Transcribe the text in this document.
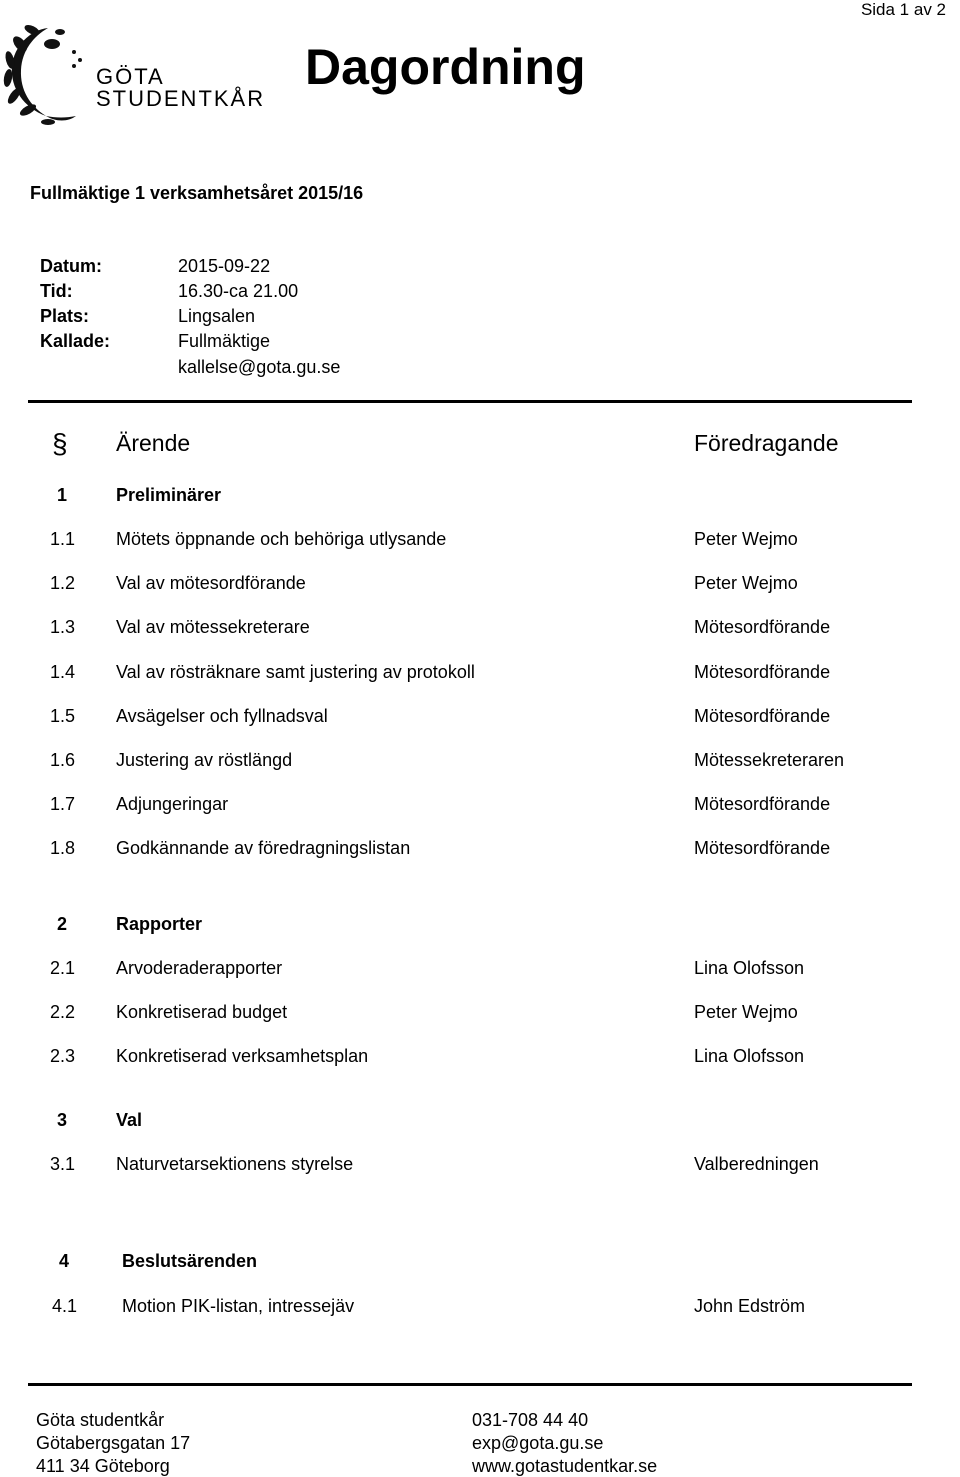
Sida 1 av 2
GÖTA
STUDENTKÅR
Dagordning
Fullmäktige 1 verksamhetsåret 2015/16
Datum:	2015-09-22
Tid:	16.30-ca 21.00
Plats:	Lingsalen
Kallade:	Fullmäktige
kallelse@gota.gu.se
§ Ärende	Föredragande
1	Preliminärer
1.1 Mötets öppnande och behöriga utlysande	Peter Wejmo
1.2 Val av mötesordförande	Peter Wejmo
1.3 Val av mötessekreterare	Mötesordförande
1.4 Val av rösträknare samt justering av protokoll	Mötesordförande
1.5 Avsägelser och fyllnadsval	Mötesordförande
1.6 Justering av röstlängd	Mötessekreteraren
1.7 Adjungeringar	Mötesordförande
1.8 Godkännande av föredragningslistan	Mötesordförande
2	Rapporter
2.1 Arvoderaderapporter	Lina Olofsson
2.2 Konkretiserad budget	Peter Wejmo
2.3 Konkretiserad verksamhetsplan	Lina Olofsson
3	Val
3.1 Naturvetarsektionens styrelse	Valberedningen
4	Beslutsärenden
4.1 Motion PIK-listan, intressejäv	John Edström
Göta studentkår
Götabergsgatan 17
411 34 Göteborg
031-708 44 40
exp@gota.gu.se
www.gotastudentkar.se
